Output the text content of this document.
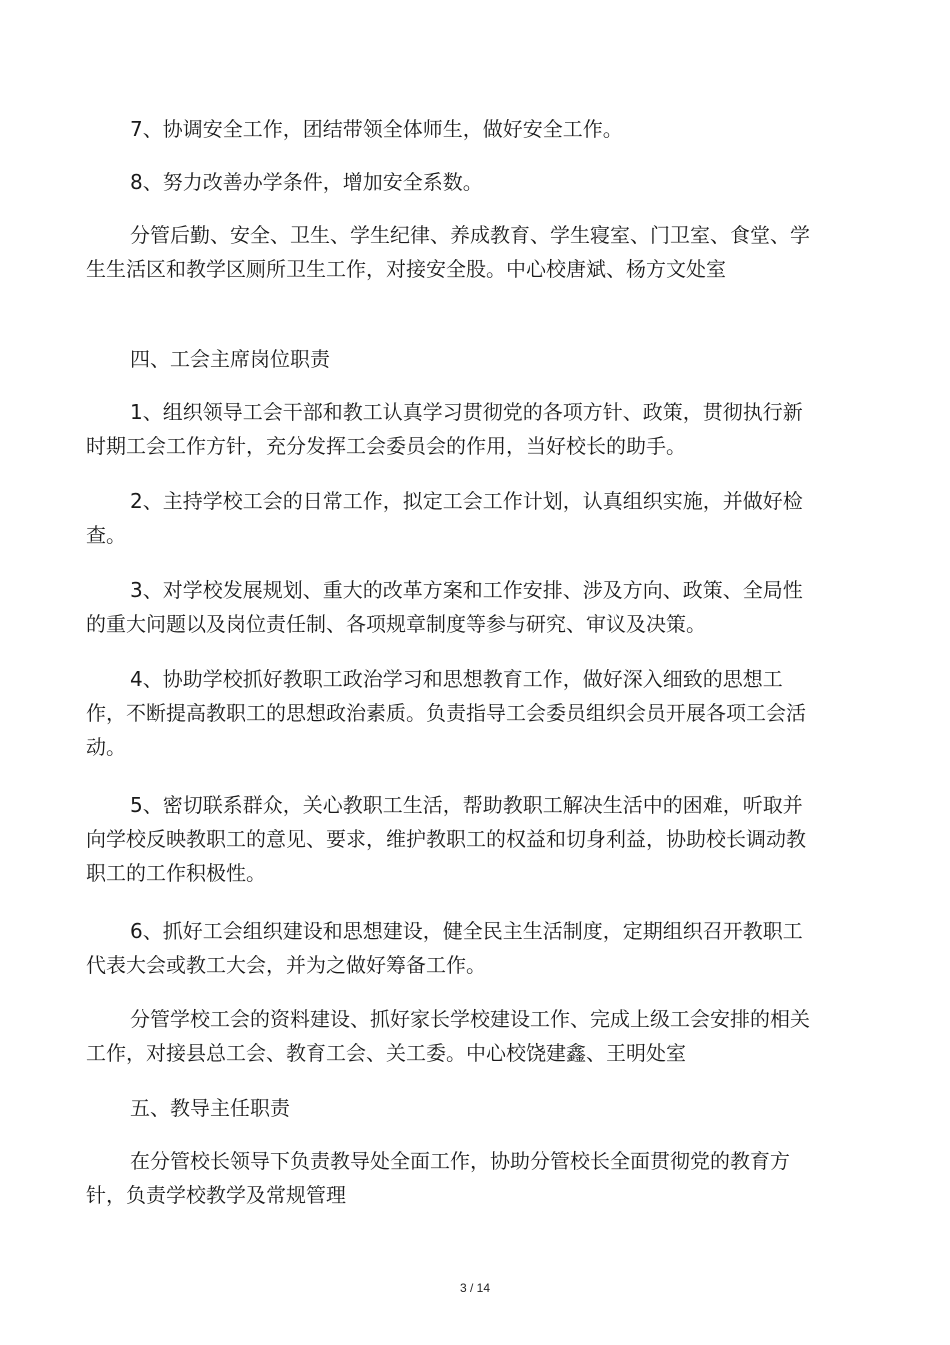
7、协调安全工作，团结带领全体师生，做好安全工作。

8、努力改善办学条件，增加安全系数。

分管后勤、安全、卫生、学生纪律、养成教育、学生寝室、门卫室、食堂、学生生活区和教学区厕所卫生工作，对接安全股。中心校唐斌、杨方文处室

四、工会主席岗位职责

1、组织领导工会干部和教工认真学习贯彻党的各项方针、政策，贯彻执行新时期工会工作方针，充分发挥工会委员会的作用，当好校长的助手。

2、主持学校工会的日常工作，拟定工会工作计划，认真组织实施，并做好检查。

3、对学校发展规划、重大的改革方案和工作安排、涉及方向、政策、全局性的重大问题以及岗位责任制、各项规章制度等参与研究、审议及决策。

4、协助学校抓好教职工政治学习和思想教育工作，做好深入细致的思想工作，不断提高教职工的思想政治素质。负责指导工会委员组织会员开展各项工会活动。

5、密切联系群众，关心教职工生活，帮助教职工解决生活中的困难，听取并向学校反映教职工的意见、要求，维护教职工的权益和切身利益，协助校长调动教职工的工作积极性。

6、抓好工会组织建设和思想建设，健全民主生活制度，定期组织召开教职工代表大会或教工大会，并为之做好筹备工作。

分管学校工会的资料建设、抓好家长学校建设工作、完成上级工会安排的相关工作，对接县总工会、教育工会、关工委。中心校饶建鑫、王明处室

五、教导主任职责

在分管校长领导下负责教导处全面工作，协助分管校长全面贯彻党的教育方针，负责学校教学及常规管理

3 / 14
